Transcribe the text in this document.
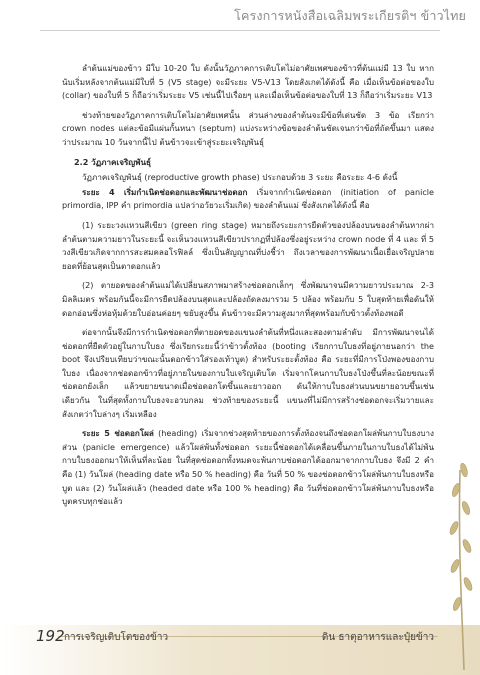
โครงการหนังสือเฉลิมพระเกียรติฯ ข้าวไทย

ลำต้นแม่ของข้าว มีใบ 10-20 ใบ ดังนั้นวัฏภาคการเติบโตไม่อาศัยเพศของข้าวที่ต้นแม่มี 13 ใบ หากนับเริ่มหลังจากต้นแม่มีใบที่ 5 (V5 stage) จะมีระยะ V5-V13 โดยสังเกตได้ดังนี้ คือ เมื่อเห็นข้อต่อของใบ (collar) ของใบที่ 5 ก็ถือว่าเริ่มระยะ V5 เช่นนี้ไปเรื่อยๆ และเมื่อเห็นข้อต่อของใบที่ 13 ก็ถือว่าเริ่มระยะ V13

ช่วงท้ายของวัฏภาคการเติบโตไม่อาศัยเพศนั้น ส่วนล่างของลำต้นจะมีข้อที่เด่นชัด 3 ข้อ เรียกว่า crown nodes แต่ละข้อมีแผ่นกั้นหนา (septum) แบ่งระหว่างข้อของลำต้นชัดเจนกว่าข้อที่ถัดขึ้นมา แสดงว่าประมาณ 10 วันจากนี้ไป ต้นข้าวจะเข้าสู่ระยะเจริญพันธุ์

2.2 วัฏภาคเจริญพันธุ์

วัฏภาคเจริญพันธุ์ (reproductive growth phase) ประกอบด้วย 3 ระยะ คือระยะ 4-6 ดังนี้

ระยะ 4 เริ่มกำเนิดช่อดอกและพัฒนาช่อดอก เริ่มจากกำเนิดช่อดอก (initiation of panicle primordia, IPP คำ primordia แปลว่าอวัยวะเริ่มเกิด) ของลำต้นแม่ ซึ่งสังเกตได้ดังนี้ คือ

(1) ระยะวงแหวนสีเขียว (green ring stage) หมายถึงระยะการยืดตัวของปล้องบนของลำต้นหากผ่าลำต้นตามความยาวในระยะนี้ จะเห็นวงแหวนสีเขียวปรากฏที่ปล้องซึ่งอยู่ระหว่าง crown node ที่ 4 และ ที่ 5 วงสีเขียวเกิดจากการสะสมคลอโรฟิลล์ ซึ่งเป็นสัญญาณที่บ่งชี้ว่า ถึงเวลาของการพัฒนาเนื้อเยื่อเจริญปลายยอดที่ย้อนสุดเป็นตาดอกแล้ว

(2) ตายอดของลำต้นแม่ได้เปลี่ยนสภาพมาสร้างช่อดอกเล็กๆ ซึ่งพัฒนาจนมีความยาวประมาณ 2-3 มิลลิเมตร พร้อมกันนี้จะมีการยืดปล้องบนสุดและปล้องถัดลงมารวม 5 ปล้อง พร้อมกับ 5 ใบสุดท้ายเพื่อดันให้ดอกอ่อนซึ่งห่อหุ้มด้วยใบอ่อนค่อยๆ ขยับสูงขึ้น ต้นข้าวจะมีความสูงมากที่สุดพร้อมกับข้าวตั้งท้องพอดี

ต่อจากนั้นจึงมีการกำเนิดช่อดอกที่ตายอดของแขนงลำต้นที่หนึ่งและสองตามลำดับ มีการพัฒนาจนได้ช่อดอกที่ยืดตัวอยู่ในกาบใบธง ซึ่งเรียกระยะนี้ว่าข้าวตั้งท้อง (booting เรียกกาบใบธงที่อยู่ภายนอกว่า the boot จึงเปรียบเทียบว่าขณะนั้นดอกข้าวใส่รองเท้าบูต) สำหรับระยะตั้งท้อง คือ ระยะที่มีการโป่งพองของกาบใบธง เนื่องจากช่อดอกข้าวที่อยู่ภายในของกาบใบเจริญเติบโต เริ่มจากโคนกาบใบธงโป่งขึ้นที่ละน้อยขณะที่ช่อดอกยังเล็ก แล้วขยายขนาดเมื่อช่อดอกโตขึ้นและยาวออก ดันให้กาบใบธงส่วนบนขยายอวบขึ้นเช่นเดียวกัน ในที่สุดทั้งกาบใบธงจะอวบกลม ช่วงท้ายของระยะนี้ แขนงที่ไม่มีการสร้างช่อดอกจะเริ่มวายและสังเกตว่าใบล่างๆ เริ่มเหลือง

ระยะ 5 ช่อดอกโผล่ (heading) เริ่มจากช่วงสุดท้ายของการตั้งท้องจนถึงช่อดอกโผล่พ้นกาบใบธงบางส่วน (panicle emergence) แล้วโผล่พ้นทั้งช่อดอก ระยะนี้ช่อดอกได้เคลื่อนขึ้นภายในกาบใบธงได้ไม่พ้นกาบใบธงออกมาให้เห็นที่ละน้อย ในที่สุดช่อดอกทั้งหมดจะพ้นกาบช่อดอกได้ออกมาจากกาบใบธง จึงมี 2 คำ คือ (1) วันโผล่ (heading date หรือ 50 % heading) คือ วันที่ 50 % ของช่อดอกข้าวโผล่พ้นกาบใบธงหรือบูต และ (2) วันโผล่แล้ว (headed date หรือ 100 % heading) คือ วันที่ช่อดอกข้าวโผล่พ้นกาบใบธงหรือบูตครบทุกช่อแล้ว

192 การเจริญเติบโตของข้าว	ดิน ธาตุอาหารและปุ๋ยข้าว
